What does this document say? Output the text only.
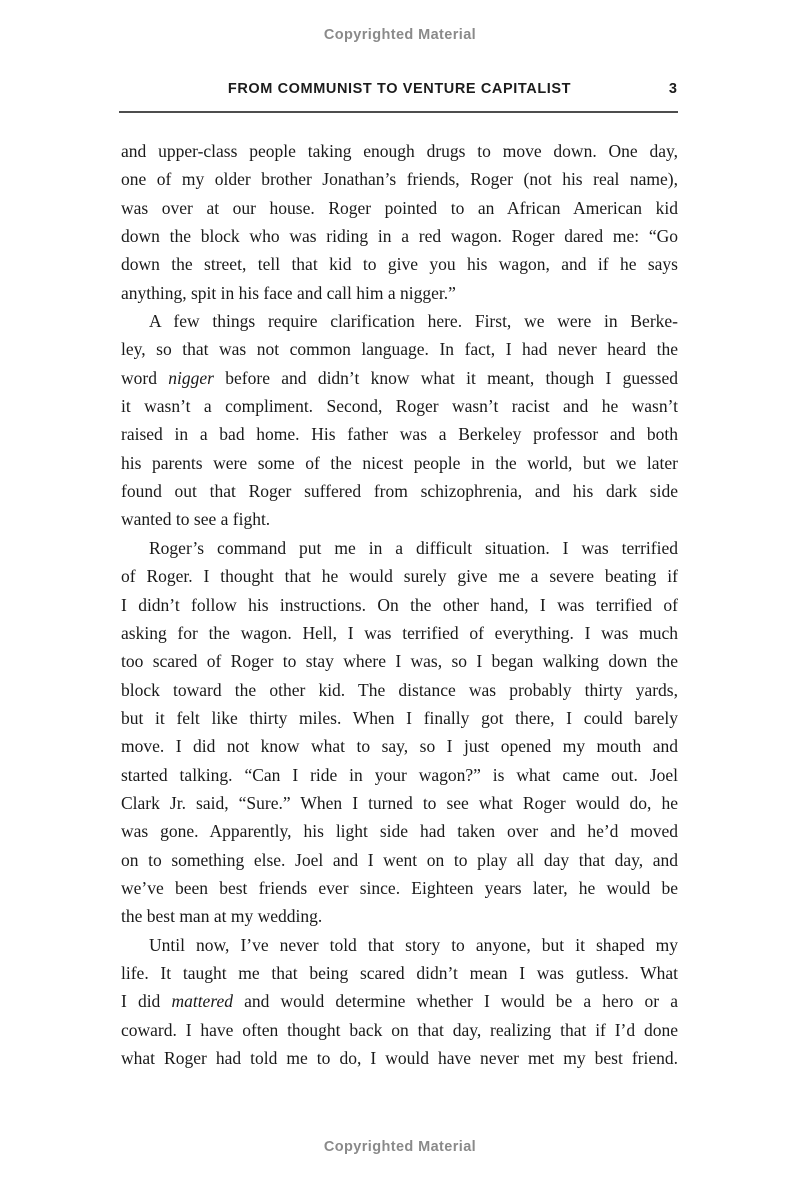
Copyrighted Material
FROM COMMUNIST TO VENTURE CAPITALIST	3
and upper-class people taking enough drugs to move down. One day,
one of my older brother Jonathan’s friends, Roger (not his real name),
was over at our house. Roger pointed to an African American kid
down the block who was riding in a red wagon. Roger dared me: “Go
down the street, tell that kid to give you his wagon, and if he says
anything, spit in his face and call him a nigger.”
A few things require clarification here. First, we were in Berke-
ley, so that was not common language. In fact, I had never heard the
word nigger before and didn’t know what it meant, though I guessed
it wasn’t a compliment. Second, Roger wasn’t racist and he wasn’t
raised in a bad home. His father was a Berkeley professor and both
his parents were some of the nicest people in the world, but we later
found out that Roger suffered from schizophrenia, and his dark side
wanted to see a fight.
Roger’s command put me in a difficult situation. I was terrified
of Roger. I thought that he would surely give me a severe beating if
I didn’t follow his instructions. On the other hand, I was terrified of
asking for the wagon. Hell, I was terrified of everything. I was much
too scared of Roger to stay where I was, so I began walking down the
block toward the other kid. The distance was probably thirty yards,
but it felt like thirty miles. When I finally got there, I could barely
move. I did not know what to say, so I just opened my mouth and
started talking. “Can I ride in your wagon?” is what came out. Joel
Clark Jr. said, “Sure.” When I turned to see what Roger would do, he
was gone. Apparently, his light side had taken over and he’d moved
on to something else. Joel and I went on to play all day that day, and
we’ve been best friends ever since. Eighteen years later, he would be
the best man at my wedding.
Until now, I’ve never told that story to anyone, but it shaped my
life. It taught me that being scared didn’t mean I was gutless. What
I did mattered and would determine whether I would be a hero or a
coward. I have often thought back on that day, realizing that if I’d done
what Roger had told me to do, I would have never met my best friend.
Copyrighted Material
